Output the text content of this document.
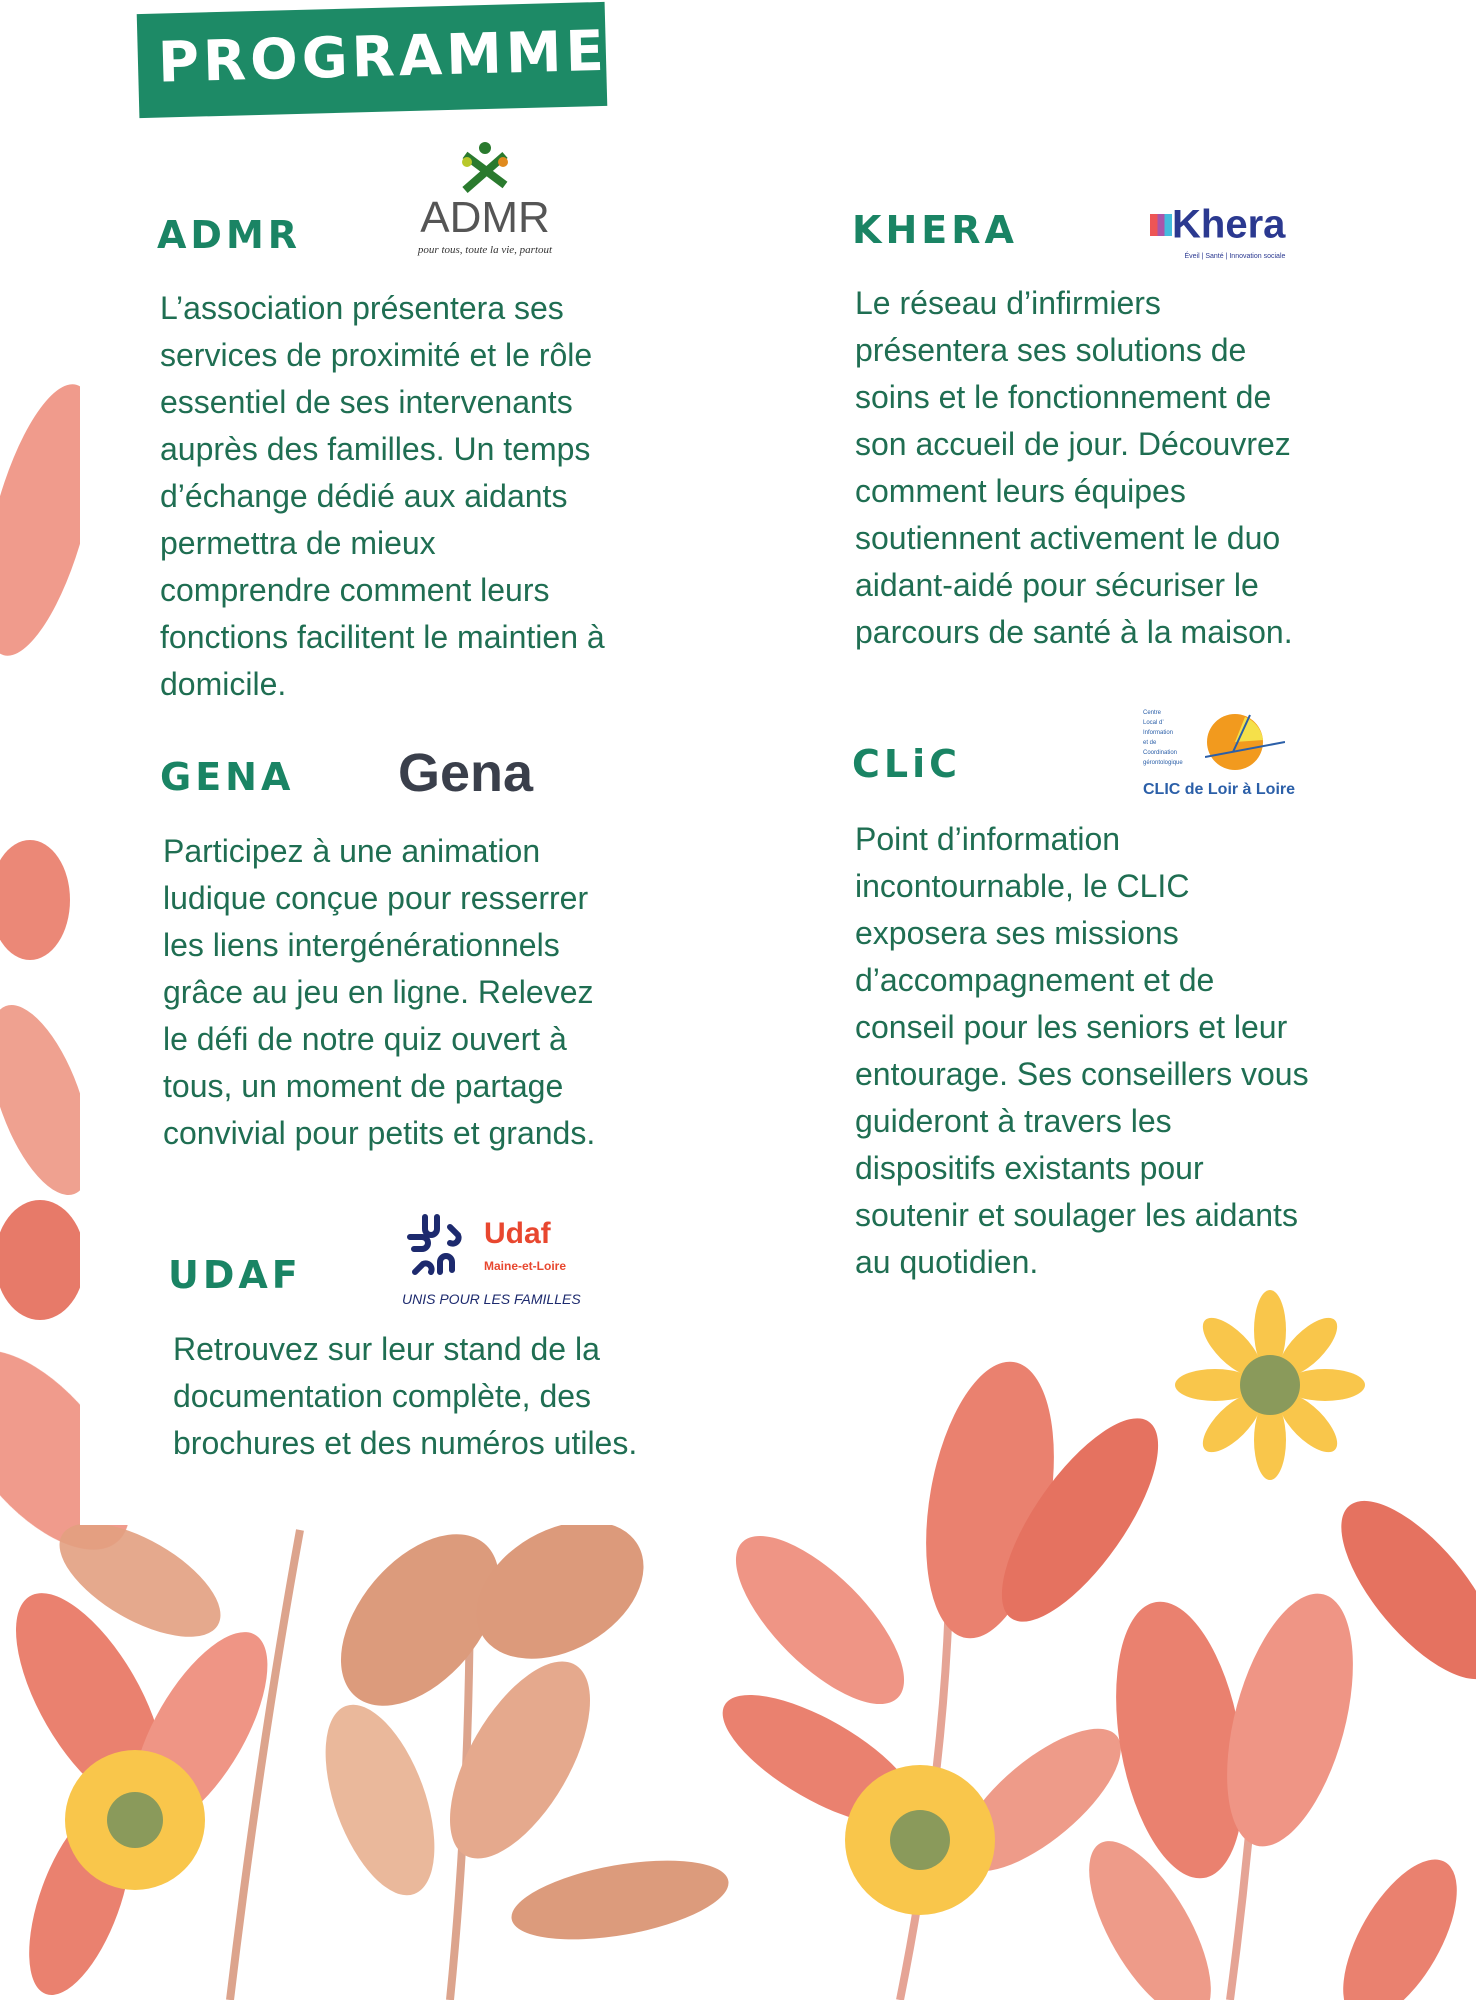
PROGRAMME
ADMR	ADMR
pour tous, toute la vie, partout
L’association présentera ses
services de proximité et le rôle
essentiel de ses intervenants
auprès des familles. Un temps
d’échange dédié aux aidants
permettra de mieux
comprendre comment leurs
fonctions facilitent le maintien à
domicile.
KHERA	Khera
Éveil | Santé | Innovation sociale
Le réseau d’infirmiers
présentera ses solutions de
soins et le fonctionnement de
son accueil de jour. Découvrez
comment leurs équipes
soutiennent activement le duo
aidant-aidé pour sécuriser le
parcours de santé à la maison.
GENA Gena
Participez à une animation
ludique conçue pour resserrer
les liens intergénérationnels
grâce au jeu en ligne. Relevez
le défi de notre quiz ouvert à
tous, un moment de partage
convivial pour petits et grands.
CLiC
Centre
Local d’
Information
et de
Coordination
gérontologique
CLIC de Loir à Loire
Point d’information
incontournable, le CLIC
exposera ses missions
d’accompagnement et de
conseil pour les seniors et leur
entourage. Ses conseillers vous
guideront à travers les
dispositifs existants pour
soutenir et soulager les aidants
au quotidien.
UDAF
Udaf
Maine-et-Loire
UNIS POUR LES FAMILLES
Retrouvez sur leur stand de la
documentation complète, des
brochures et des numéros utiles.
